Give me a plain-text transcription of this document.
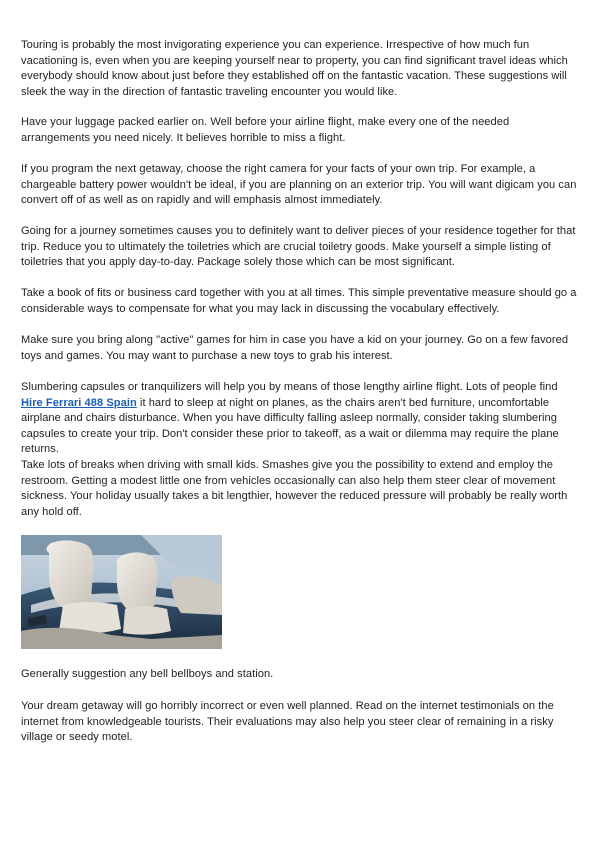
Touring is probably the most invigorating experience you can experience. Irrespective of how much fun vacationing is, even when you are keeping yourself near to property, you can find significant travel ideas which everybody should know about just before they established off on the fantastic vacation. These suggestions will sleek the way in the direction of fantastic traveling encounter you would like.

Have your luggage packed earlier on. Well before your airline flight, make every one of the needed arrangements you need nicely. It believes horrible to miss a flight.

If you program the next getaway, choose the right camera for your facts of your own trip. For example, a chargeable battery power wouldn't be ideal, if you are planning on an exterior trip. You will want digicam you can convert off of as well as on rapidly and will emphasis almost immediately.

Going for a journey sometimes causes you to definitely want to deliver pieces of your residence together for that trip. Reduce you to ultimately the toiletries which are crucial toiletry goods. Make yourself a simple listing of toiletries that you apply day-to-day. Package solely those which can be most significant.

Take a book of fits or business card together with you at all times. This simple preventative measure should go a considerable ways to compensate for what you may lack in discussing the vocabulary effectively.

Make sure you bring along "active" games for him in case you have a kid on your journey. Go on a few favored toys and games. You may want to purchase a new toys to grab his interest.

Slumbering capsules or tranquilizers will help you by means of those lengthy airline flight. Lots of people find Hire Ferrari 488 Spain it hard to sleep at night on planes, as the chairs aren't bed furniture, uncomfortable airplane and chairs disturbance. When you have difficulty falling asleep normally, consider taking slumbering capsules to create your trip. Don't consider these prior to takeoff, as a wait or dilemma may require the plane returns.

Take lots of breaks when driving with small kids. Smashes give you the possibility to extend and employ the restroom. Getting a modest little one from vehicles occasionally can also help them steer clear of movement sickness. Your holiday usually takes a bit lengthier, however the reduced pressure will probably be really worth any hold off.

Generally suggestion any bell bellboys and station.

Your dream getaway will go horribly incorrect or even well planned. Read on the internet testimonials on the internet from knowledgeable tourists. Their evaluations may also help you steer clear of remaining in a risky village or seedy motel.
